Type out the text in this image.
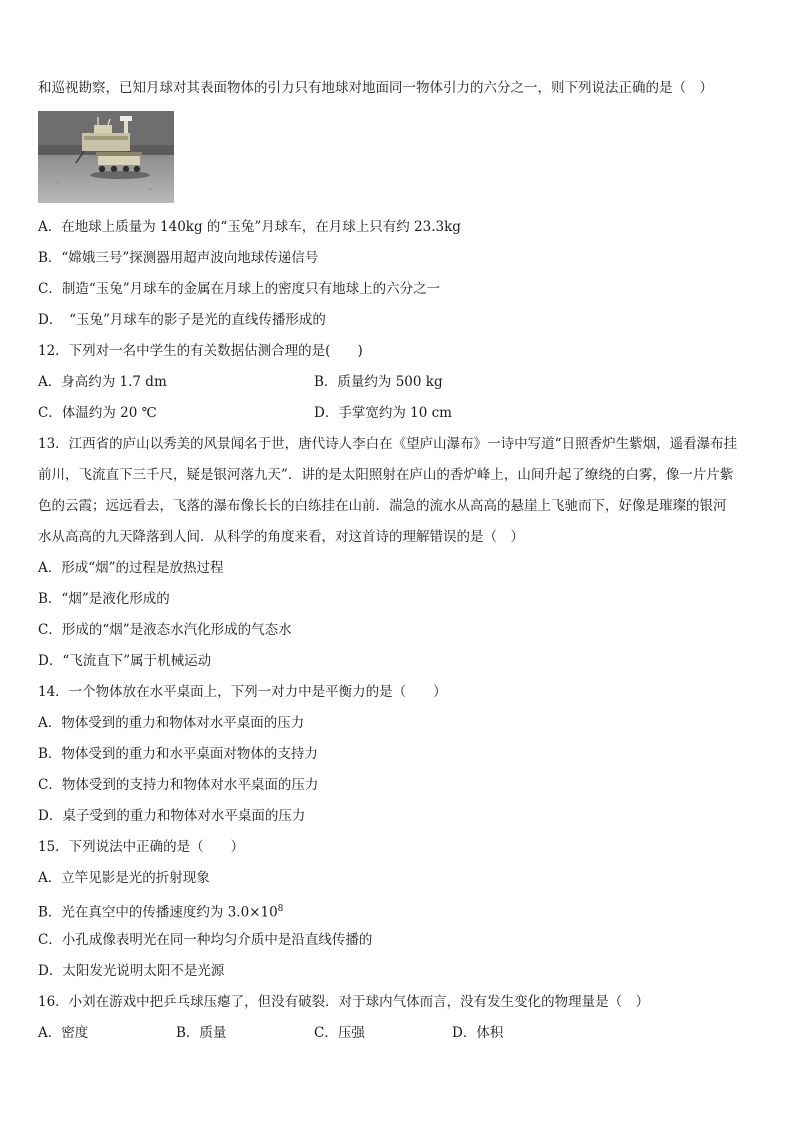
和巡视勘察，已知月球对其表面物体的引力只有地球对地面同一物体引力的六分之一，则下列说法正确的是（　）
A．在地球上质量为 140kg 的“玉兔”月球车，在月球上只有约 23.3kg
B．“嫦娥三号”探测器用超声波向地球传递信号
C．制造“玉兔”月球车的金属在月球上的密度只有地球上的六分之一
D．　“玉兔”月球车的影子是光的直线传播形成的
12．下列对一名中学生的有关数据估测合理的是(　　)
A．身高约为 1.7 dm	B．质量约为 500 kg
C．体温约为 20 ℃	D．手掌宽约为 10 cm
13．江西省的庐山以秀美的风景闻名于世，唐代诗人李白在《望庐山瀑布》一诗中写道“日照香炉生紫烟，遥看瀑布挂
前川，飞流直下三千尺，疑是银河落九天”．讲的是太阳照射在庐山的香炉峰上，山间升起了缭绕的白雾，像一片片紫
色的云霞；远远看去，飞落的瀑布像长长的白练挂在山前．湍急的流水从高高的悬崖上飞驰而下，好像是璀璨的银河
水从高高的九天降落到人间．从科学的角度来看，对这首诗的理解错误的是（　）
A．形成“烟”的过程是放热过程
B．“烟”是液化形成的
C．形成的“烟”是液态水汽化形成的气态水
D．“飞流直下”属于机械运动
14．一个物体放在水平桌面上，下列一对力中是平衡力的是（　　）
A．物体受到的重力和物体对水平桌面的压力
B．物体受到的重力和水平桌面对物体的支持力
C．物体受到的支持力和物体对水平桌面的压力
D．桌子受到的重力和物体对水平桌面的压力
15．下列说法中正确的是（　　）
A．立竿见影是光的折射现象
B．光在真空中的传播速度约为 $3.0\times 10^8$
C．小孔成像表明光在同一种均匀介质中是沿直线传播的
D．太阳发光说明太阳不是光源
16．小刘在游戏中把乒乓球压瘪了，但没有破裂．对于球内气体而言，没有发生变化的物理量是（　）
A．密度	B．质量	C．压强	D．体积
